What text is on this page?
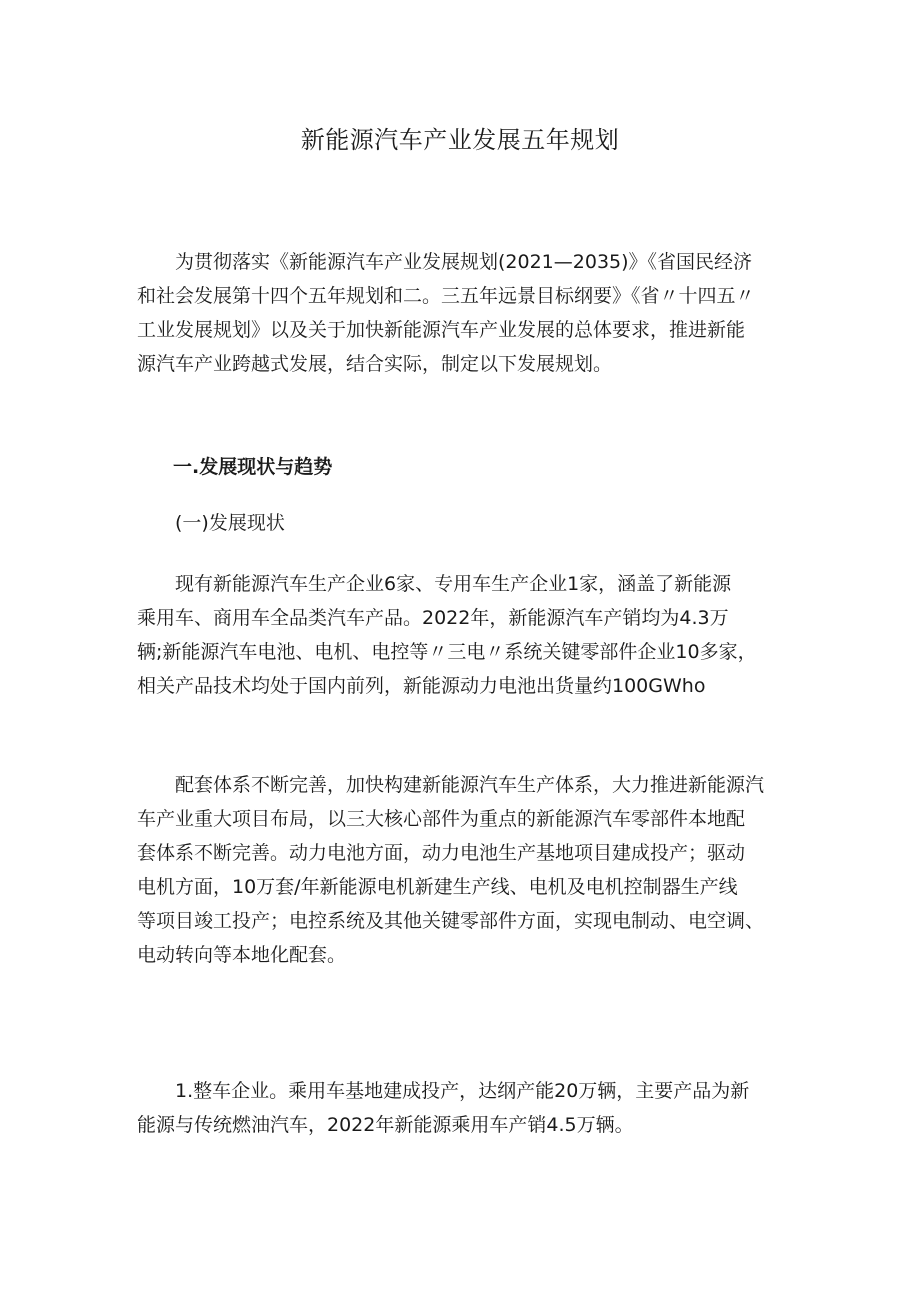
新能源汽车产业发展五年规划
为贯彻落实《新能源汽车产业发展规划(2021—2035)》《省国民经济
和社会发展第十四个五年规划和二。三五年远景目标纲要》《省〃十四五〃
工业发展规划》以及关于加快新能源汽车产业发展的总体要求，推进新能
源汽车产业跨越式发展，结合实际，制定以下发展规划。
一.发展现状与趋势
(一)发展现状
现有新能源汽车生产企业6家、专用车生产企业1家，涵盖了新能源
乘用车、商用车全品类汽车产品。2022年，新能源汽车产销均为4.3万
辆;新能源汽车电池、电机、电控等〃三电〃系统关键零部件企业10多家，
相关产品技术均处于国内前列，新能源动力电池出货量约100GWho
配套体系不断完善，加快构建新能源汽车生产体系，大力推进新能源汽
车产业重大项目布局，以三大核心部件为重点的新能源汽车零部件本地配
套体系不断完善。动力电池方面，动力电池生产基地项目建成投产；驱动
电机方面，10万套/年新能源电机新建生产线、电机及电机控制器生产线
等项目竣工投产；电控系统及其他关键零部件方面，实现电制动、电空调、
电动转向等本地化配套。
1.整车企业。乘用车基地建成投产，达纲产能20万辆，主要产品为新
能源与传统燃油汽车，2022年新能源乘用车产销4.5万辆。
